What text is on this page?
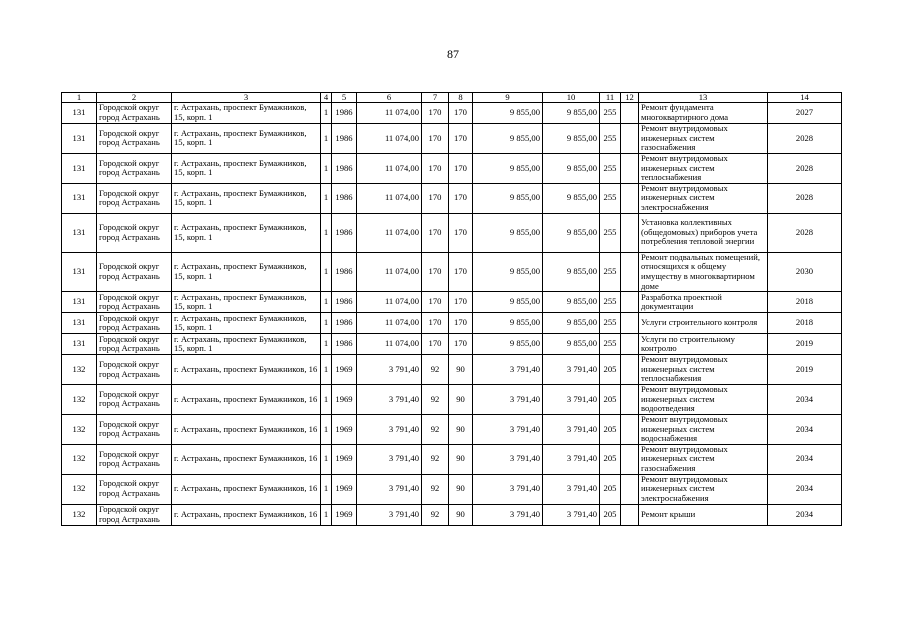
87
1	2	3	4	5	6	7	8	9	10	11	12	13	14
131	Городской округ город Астрахань	г. Астрахань, проспект Бумажников, 15, корп. 1	1	1986	11 074,00	170	170	9 855,00	9 855,00	255		Ремонт фундамента многоквартирного дома	2027
131	Городской округ город Астрахань	г. Астрахань, проспект Бумажников, 15, корп. 1	1	1986	11 074,00	170	170	9 855,00	9 855,00	255		Ремонт внутридомовых инженерных систем газоснабжения	2028
131	Городской округ город Астрахань	г. Астрахань, проспект Бумажников, 15, корп. 1	1	1986	11 074,00	170	170	9 855,00	9 855,00	255		Ремонт внутридомовых инженерных систем теплоснабжения	2028
131	Городской округ город Астрахань	г. Астрахань, проспект Бумажников, 15, корп. 1	1	1986	11 074,00	170	170	9 855,00	9 855,00	255		Ремонт внутридомовых инженерных систем электроснабжения	2028
131	Городской округ город Астрахань	г. Астрахань, проспект Бумажников, 15, корп. 1	1	1986	11 074,00	170	170	9 855,00	9 855,00	255		Установка коллективных (общедомовых) приборов учета потребления тепловой энергии	2028
131	Городской округ город Астрахань	г. Астрахань, проспект Бумажников, 15, корп. 1	1	1986	11 074,00	170	170	9 855,00	9 855,00	255		Ремонт подвальных помещений, относящихся к общему имуществу в многоквартирном доме	2030
131	Городской округ город Астрахань	г. Астрахань, проспект Бумажников, 15, корп. 1	1	1986	11 074,00	170	170	9 855,00	9 855,00	255		Разработка проектной документации	2018
131	Городской округ город Астрахань	г. Астрахань, проспект Бумажников, 15, корп. 1	1	1986	11 074,00	170	170	9 855,00	9 855,00	255		Услуги строительного контроля	2018
131	Городской округ город Астрахань	г. Астрахань, проспект Бумажников, 15, корп. 1	1	1986	11 074,00	170	170	9 855,00	9 855,00	255		Услуги по строительному контролю	2019
132	Городской округ город Астрахань	г. Астрахань, проспект Бумажников, 16	1	1969	3 791,40	92	90	3 791,40	3 791,40	205		Ремонт внутридомовых инженерных систем теплоснабжения	2019
132	Городской округ город Астрахань	г. Астрахань, проспект Бумажников, 16	1	1969	3 791,40	92	90	3 791,40	3 791,40	205		Ремонт внутридомовых инженерных систем водоотведения	2034
132	Городской округ город Астрахань	г. Астрахань, проспект Бумажников, 16	1	1969	3 791,40	92	90	3 791,40	3 791,40	205		Ремонт внутридомовых инженерных систем водоснабжения	2034
132	Городской округ город Астрахань	г. Астрахань, проспект Бумажников, 16	1	1969	3 791,40	92	90	3 791,40	3 791,40	205		Ремонт внутридомовых инженерных систем газоснабжения	2034
132	Городской округ город Астрахань	г. Астрахань, проспект Бумажников, 16	1	1969	3 791,40	92	90	3 791,40	3 791,40	205		Ремонт внутридомовых инженерных систем электроснабжения	2034
132	Городской округ город Астрахань	г. Астрахань, проспект Бумажников, 16	1	1969	3 791,40	92	90	3 791,40	3 791,40	205		Ремонт крыши	2034
